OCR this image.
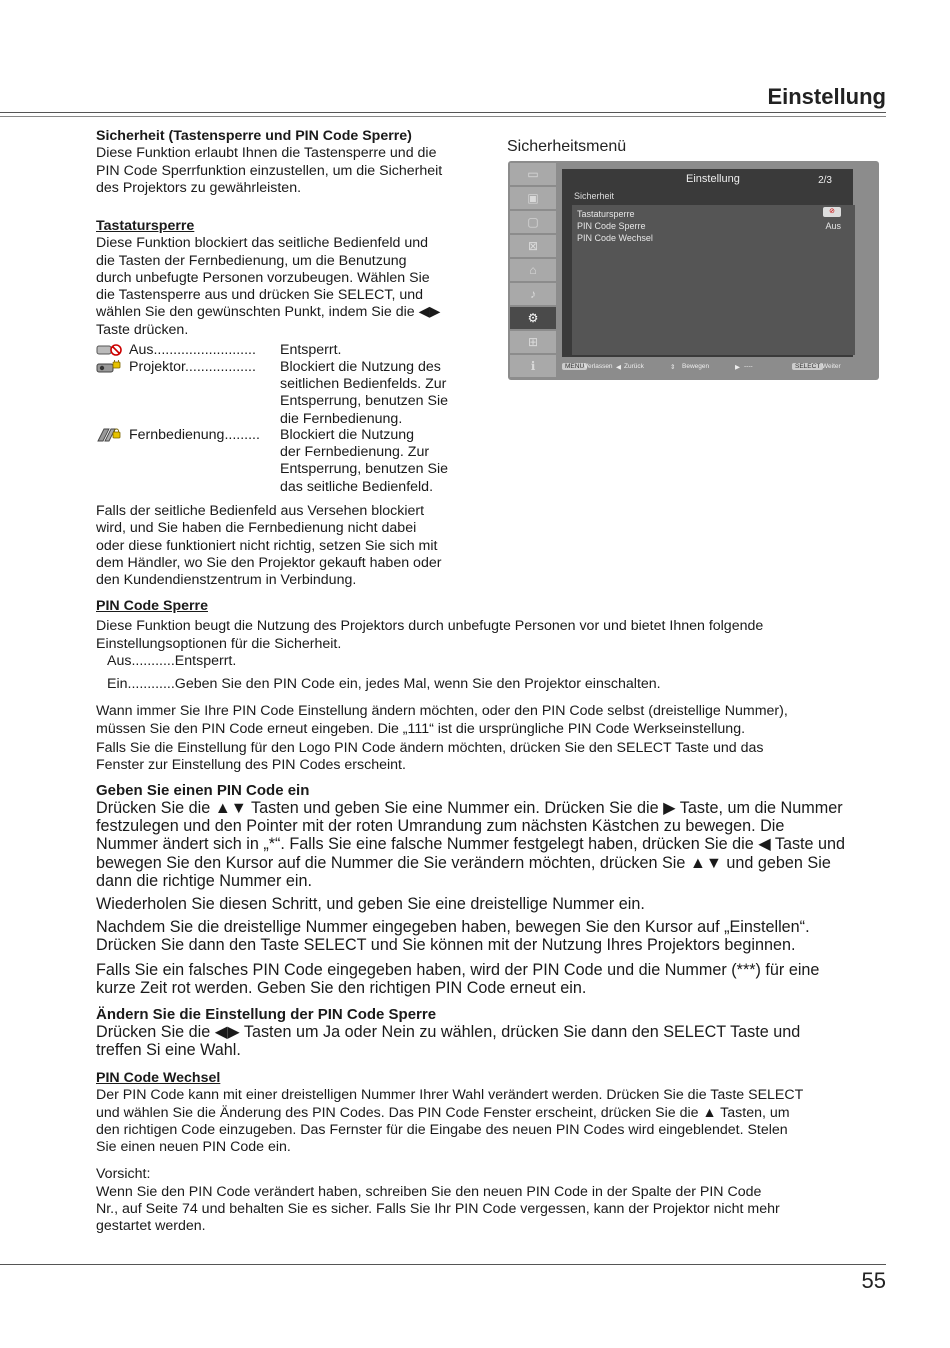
Einstellung

Sicherheit (Tastensperre und PIN Code Sperre)

Diese Funktion erlaubt Ihnen die Tastensperre und die

PIN Code Sperrfunktion einzustellen, um die Sicherheit

des Projektors zu gewährleisten.

Tastatursperre

Diese Funktion blockiert das seitliche Bedienfeld und

die Tasten der Fernbedienung, um die Benutzung

durch unbefugte Personen vorzubeugen. Wählen Sie

die Tastensperre aus und drücken Sie SELECT, und

wählen Sie den gewünschten Punkt, indem Sie die ◀▶

Taste drücken.

Aus.......................... Entsperrt.

Projektor.................. Blockiert die Nutzung des

seitlichen Bedienfelds. Zur

Entsperrung, benutzen Sie

die Fernbedienung.

Fernbedienung......... Blockiert die Nutzung

der Fernbedienung. Zur

Entsperrung, benutzen Sie

das seitliche Bedienfeld.

Falls der seitliche Bedienfeld aus Versehen blockiert

wird, und Sie haben die Fernbedienung nicht dabei

oder diese funktioniert nicht richtig, setzen Sie sich mit

dem Händler, wo Sie den Projektor gekauft haben oder

den Kundendienstzentrum in Verbindung.

Sicherheitsmenü
▭
▣
▢
⊠
⌂
♪
⚙
⊞
ℹ
Einstellung	2/3
Sicherheit
Tastatursperre	⊘
PIN Code Sperre	Aus
PIN Code Wechsel
MENU Verlassen ◀ Zurück	⇕ Bewegen	▶ ----	SELECT Weiter

PIN Code Sperre

Diese Funktion beugt die Nutzung des Projektors durch unbefugte Personen vor und bietet Ihnen folgende

Einstellungsoptionen für die Sicherheit.

Aus...........Entsperrt.

Ein............Geben Sie den PIN Code ein, jedes Mal, wenn Sie den Projektor einschalten.

Wann immer Sie Ihre PIN Code Einstellung ändern möchten, oder den PIN Code selbst (dreistellige Nummer),

müssen Sie den PIN Code erneut eingeben. Die „111“ ist die ursprüngliche PIN Code Werkseinstellung.

Falls Sie die Einstellung für den Logo PIN Code ändern möchten, drücken Sie den SELECT Taste und das

Fenster zur Einstellung des PIN Codes erscheint.

Geben Sie einen PIN Code ein

Drücken Sie die ▲▼ Tasten und geben Sie eine Nummer ein. Drücken Sie die ▶ Taste, um die Nummer

festzulegen und den Pointer mit der roten Umrandung zum nächsten Kästchen zu bewegen. Die

Nummer ändert sich in „*“. Falls Sie eine falsche Nummer festgelegt haben, drücken Sie die ◀ Taste und

bewegen Sie den Kursor auf die Nummer die Sie verändern möchten, drücken Sie ▲▼ und geben Sie

dann die richtige Nummer ein.

Wiederholen Sie diesen Schritt, und geben Sie eine dreistellige Nummer ein.

Nachdem Sie die dreistellige Nummer eingegeben haben, bewegen Sie den Kursor auf „Einstellen“.

Drücken Sie dann den Taste SELECT und Sie können mit der Nutzung Ihres Projektors beginnen.

Falls Sie ein falsches PIN Code eingegeben haben, wird der PIN Code und die Nummer (***) für eine

kurze Zeit rot werden. Geben Sie den richtigen PIN Code erneut ein.

Ändern Sie die Einstellung der PIN Code Sperre

Drücken Sie die ◀▶ Tasten um Ja oder Nein zu wählen, drücken Sie dann den SELECT Taste und

treffen Si eine Wahl.

PIN Code Wechsel

Der PIN Code kann mit einer dreistelligen Nummer Ihrer Wahl verändert werden. Drücken Sie die Taste SELECT

und wählen Sie die Änderung des PIN Codes. Das PIN Code Fenster erscheint, drücken Sie die ▲ Tasten, um

den richtigen Code einzugeben. Das Fernster für die Eingabe des neuen PIN Codes wird eingeblendet. Stelen

Sie einen neuen PIN Code ein.

Vorsicht:

Wenn Sie den PIN Code verändert haben, schreiben Sie den neuen PIN Code in der Spalte der PIN Code

Nr., auf Seite 74 und behalten Sie es sicher. Falls Sie Ihr PIN Code vergessen, kann der Projektor nicht mehr

gestartet werden.

55
